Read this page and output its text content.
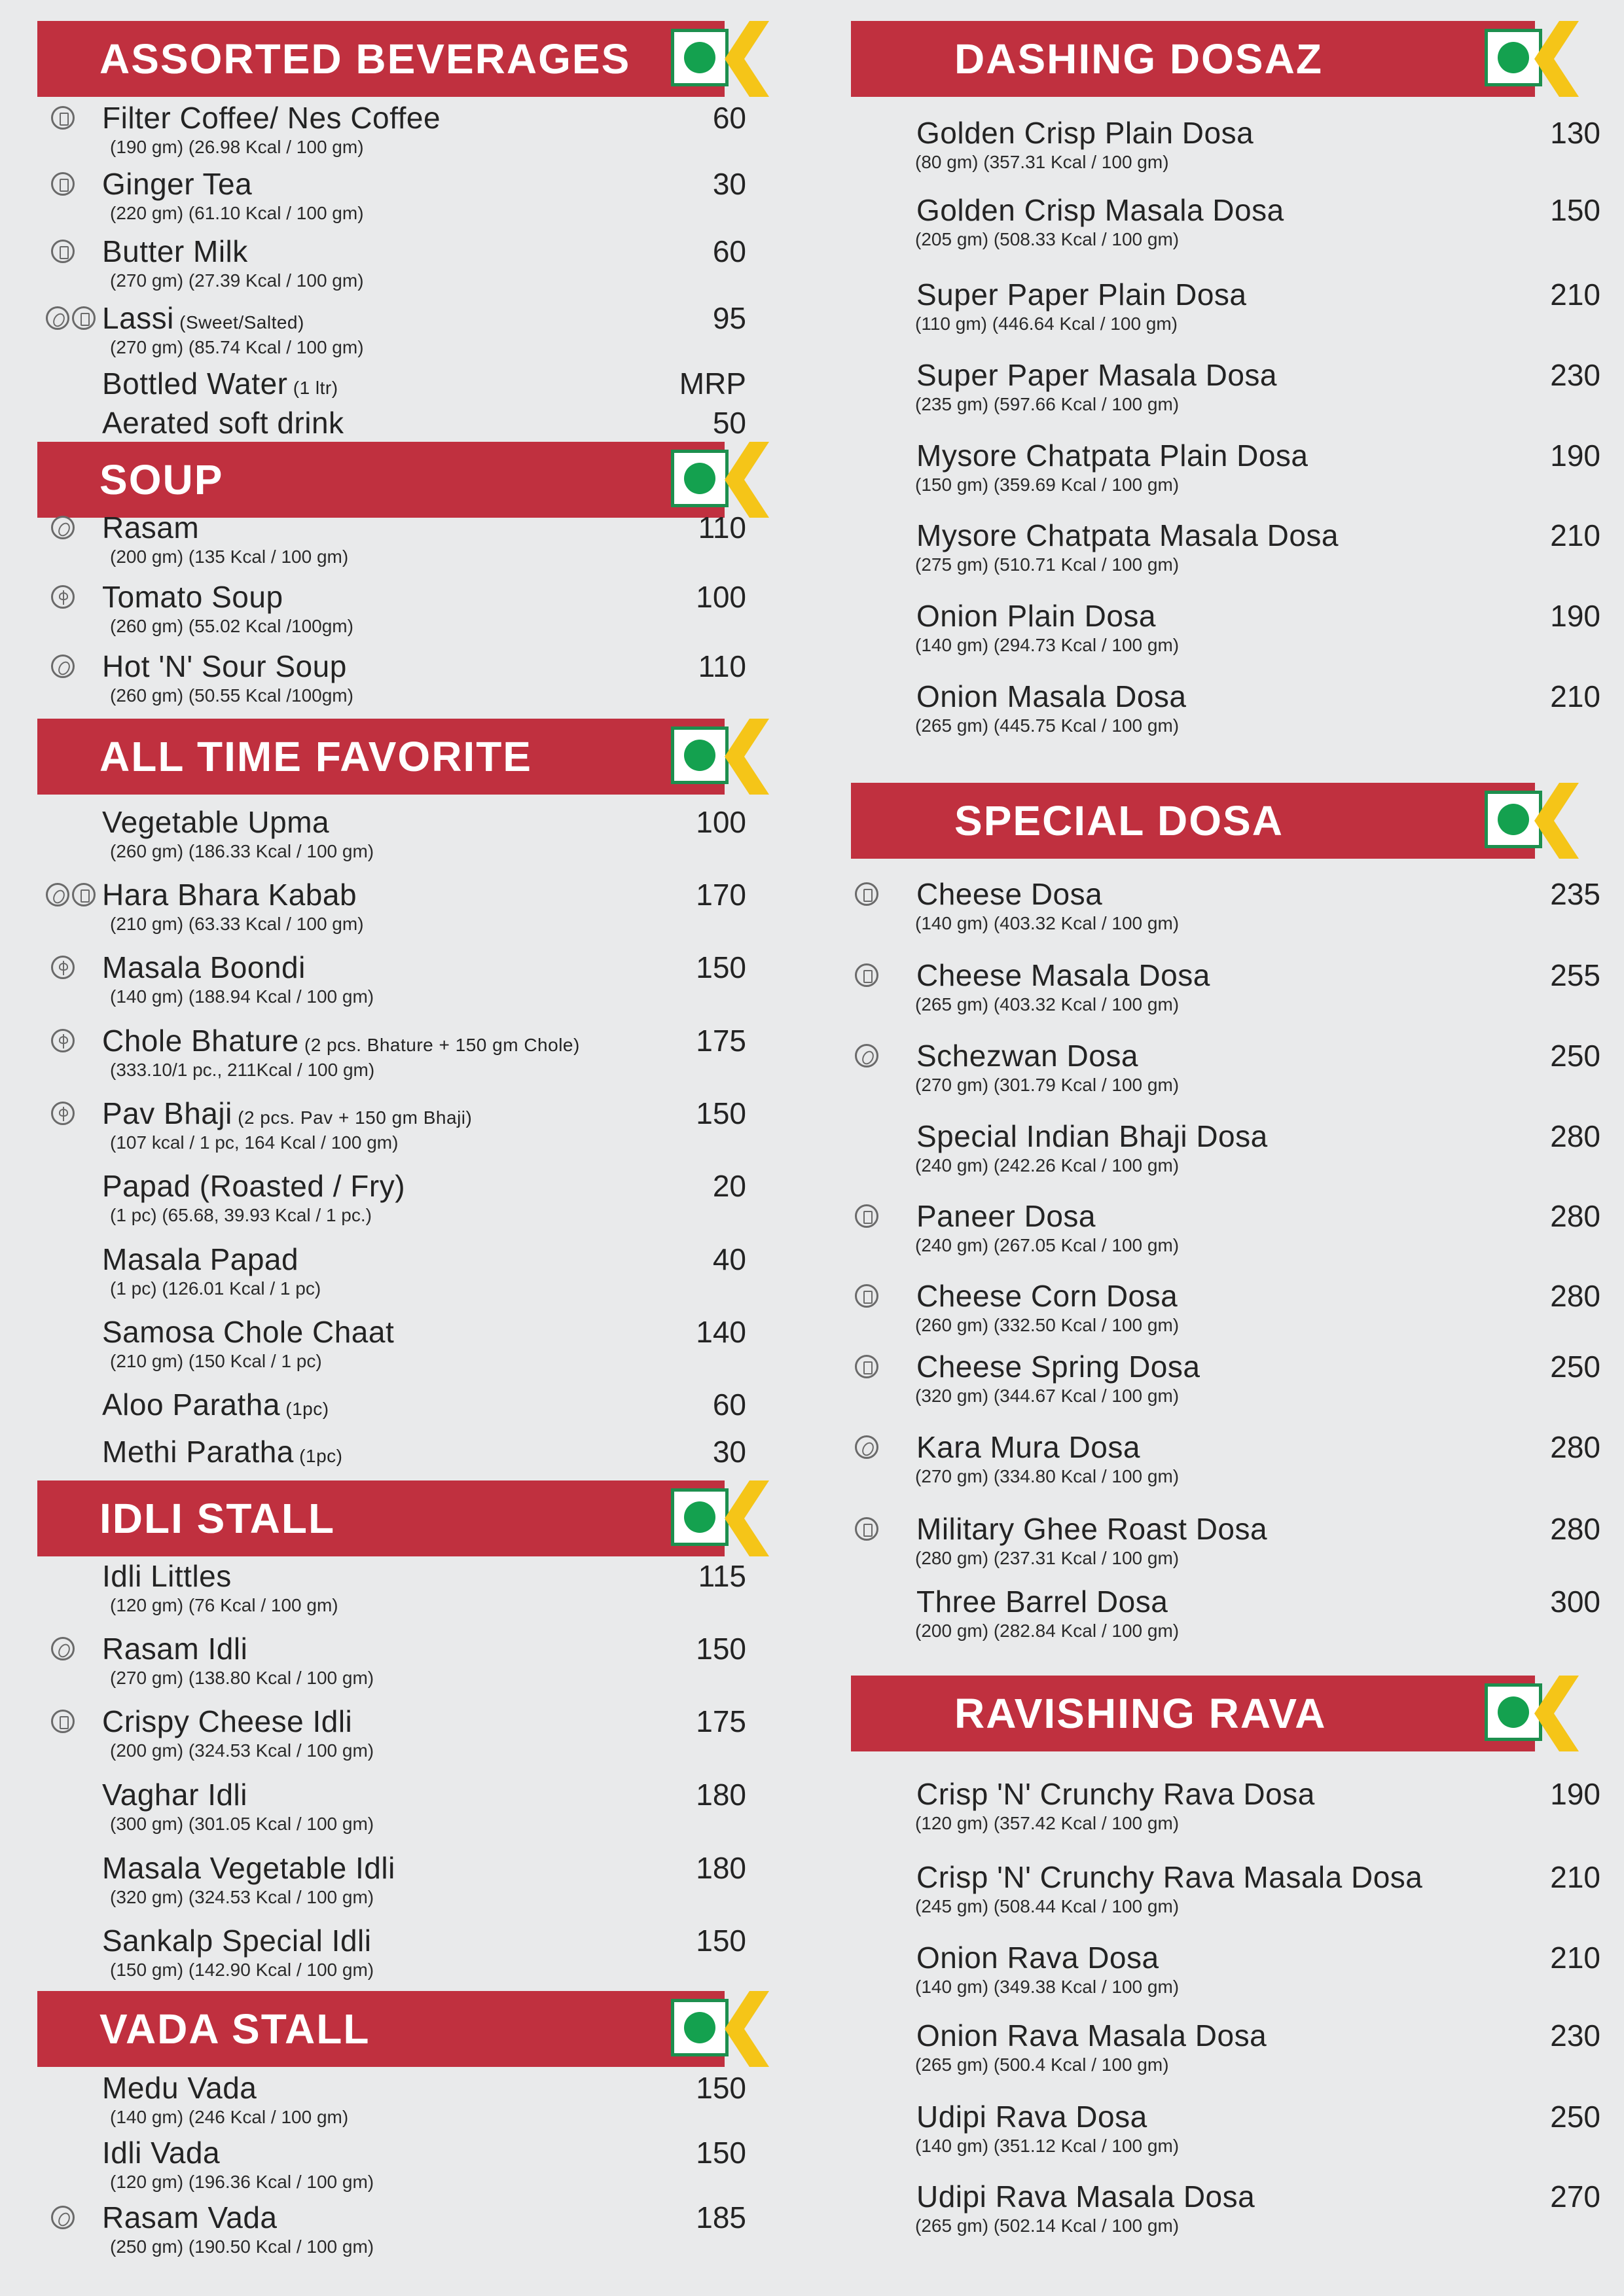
ASSORTED BEVERAGES
Filter Coffee/ Nes Coffee
(190 gm) (26.98 Kcal / 100 gm)
60
Ginger Tea
(220 gm) (61.10 Kcal / 100 gm)
30
Butter Milk
(270 gm) (27.39 Kcal / 100 gm)
60
Lassi (Sweet/Salted)
(270 gm) (85.74 Kcal / 100 gm)
95
Bottled Water (1 ltr)	MRP
Aerated soft drink	50
SOUP
Rasam
(200 gm) (135 Kcal / 100 gm)
110
Tomato Soup
(260 gm) (55.02 Kcal /100gm)
100
Hot 'N' Sour Soup
(260 gm) (50.55 Kcal /100gm)
110
ALL TIME FAVORITE
Vegetable Upma
(260 gm) (186.33 Kcal / 100 gm)
100
Hara Bhara Kabab
(210 gm) (63.33 Kcal / 100 gm)
170
Masala Boondi
(140 gm) (188.94 Kcal / 100 gm)
150
Chole Bhature (2 pcs. Bhature + 150 gm Chole)
(333.10/1 pc., 211Kcal / 100 gm)
175
Pav Bhaji (2 pcs. Pav + 150 gm Bhaji)
(107 kcal / 1 pc, 164 Kcal / 100 gm)
150
Papad (Roasted / Fry)
(1 pc) (65.68, 39.93 Kcal / 1 pc.)
20
Masala Papad
(1 pc) (126.01 Kcal / 1 pc)
40
Samosa Chole Chaat
(210 gm) (150 Kcal / 1 pc)
140
Aloo Paratha (1pc)	60
Methi Paratha (1pc)	30
IDLI STALL
Idli Littles
(120 gm) (76 Kcal / 100 gm)
115
Rasam Idli
(270 gm) (138.80 Kcal / 100 gm)
150
Crispy Cheese Idli
(200 gm) (324.53 Kcal / 100 gm)
175
Vaghar Idli
(300 gm) (301.05 Kcal / 100 gm)
180
Masala Vegetable Idli
(320 gm) (324.53 Kcal / 100 gm)
180
Sankalp Special Idli
(150 gm) (142.90 Kcal / 100 gm)
150
VADA STALL
Medu Vada
(140 gm) (246 Kcal / 100 gm)
150
Idli Vada
(120 gm) (196.36 Kcal / 100 gm)
150
Rasam Vada
(250 gm) (190.50 Kcal / 100 gm)
185
DASHING DOSAZ
Golden Crisp Plain Dosa
(80 gm) (357.31 Kcal / 100 gm)
130
Golden Crisp Masala Dosa
(205 gm) (508.33 Kcal / 100 gm)
150
Super Paper Plain Dosa
(110 gm) (446.64 Kcal / 100 gm)
210
Super Paper Masala Dosa
(235 gm) (597.66 Kcal / 100 gm)
230
Mysore Chatpata Plain Dosa
(150 gm) (359.69 Kcal / 100 gm)
190
Mysore Chatpata Masala Dosa
(275 gm) (510.71 Kcal / 100 gm)
210
Onion Plain Dosa
(140 gm) (294.73 Kcal / 100 gm)
190
Onion Masala Dosa
(265 gm) (445.75 Kcal / 100 gm)
210
SPECIAL DOSA
Cheese Dosa
(140 gm) (403.32 Kcal / 100 gm)
235
Cheese Masala Dosa
(265 gm) (403.32 Kcal / 100 gm)
255
Schezwan Dosa
(270 gm) (301.79 Kcal / 100 gm)
250
Special Indian Bhaji Dosa
(240 gm) (242.26 Kcal / 100 gm)
280
Paneer Dosa
(240 gm) (267.05 Kcal / 100 gm)
280
Cheese Corn Dosa
(260 gm) (332.50 Kcal / 100 gm)
280
Cheese Spring Dosa
(320 gm) (344.67 Kcal / 100 gm)
250
Kara Mura Dosa
(270 gm) (334.80 Kcal / 100 gm)
280
Military Ghee Roast Dosa
(280 gm) (237.31 Kcal / 100 gm)
280
Three Barrel Dosa
(200 gm) (282.84 Kcal / 100 gm)
300
RAVISHING RAVA
Crisp 'N' Crunchy Rava Dosa
(120 gm) (357.42 Kcal / 100 gm)
190
Crisp 'N' Crunchy Rava Masala Dosa
(245 gm) (508.44 Kcal / 100 gm)
210
Onion Rava Dosa
(140 gm) (349.38 Kcal / 100 gm)
210
Onion Rava Masala Dosa
(265 gm) (500.4 Kcal / 100 gm)
230
Udipi Rava Dosa
(140 gm) (351.12 Kcal / 100 gm)
250
Udipi Rava Masala Dosa
(265 gm) (502.14 Kcal / 100 gm)
270
